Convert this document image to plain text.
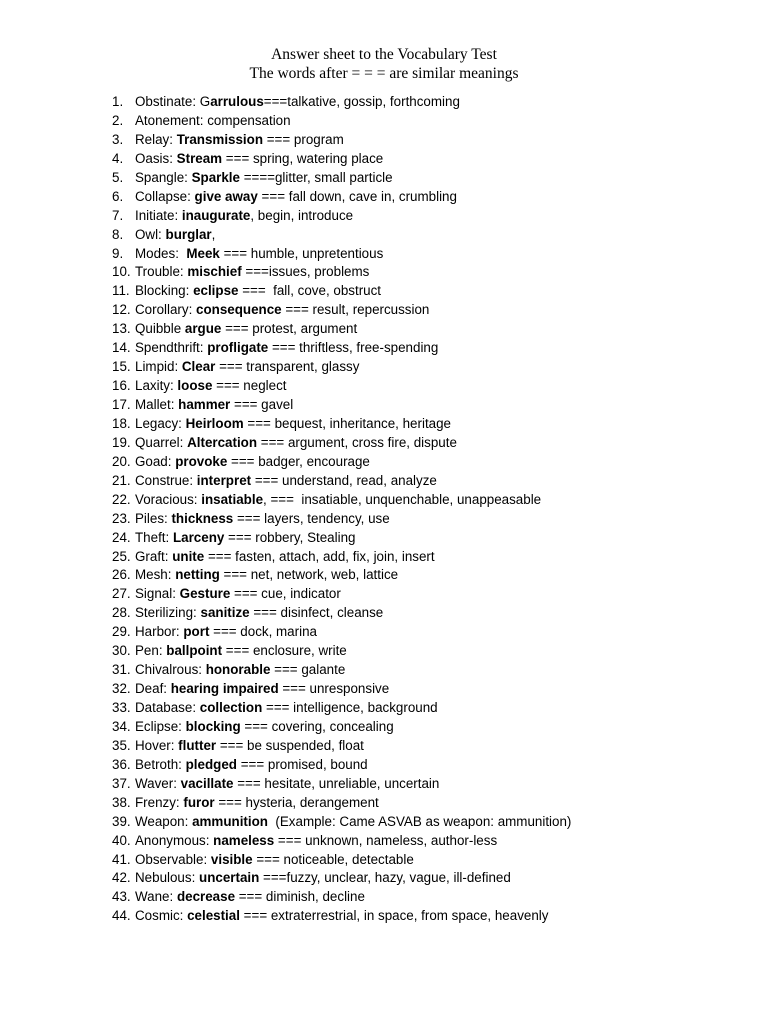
Answer sheet to the Vocabulary Test
The words after = = = are similar meanings
1. Obstinate: Garrulous===talkative, gossip, forthcoming
2. Atonement: compensation
3. Relay: Transmission === program
4. Oasis: Stream === spring, watering place
5. Spangle: Sparkle ====glitter, small particle
6. Collapse: give away === fall down, cave in, crumbling
7. Initiate: inaugurate, begin, introduce
8. Owl: burglar,
9. Modes:  Meek === humble, unpretentious
10. Trouble: mischief ===issues, problems
11. Blocking: eclipse ===  fall, cove, obstruct
12. Corollary: consequence === result, repercussion
13. Quibble argue === protest, argument
14. Spendthrift: profligate === thriftless, free-spending
15. Limpid: Clear === transparent, glassy
16. Laxity: loose === neglect
17. Mallet: hammer === gavel
18. Legacy: Heirloom === bequest, inheritance, heritage
19. Quarrel: Altercation === argument, cross fire, dispute
20. Goad: provoke === badger, encourage
21. Construe: interpret === understand, read, analyze
22. Voracious: insatiable, ===  insatiable, unquenchable, unappeasable
23. Piles: thickness === layers, tendency, use
24. Theft: Larceny === robbery, Stealing
25. Graft: unite === fasten, attach, add, fix, join, insert
26. Mesh: netting === net, network, web, lattice
27. Signal: Gesture === cue, indicator
28. Sterilizing: sanitize === disinfect, cleanse
29. Harbor: port === dock, marina
30. Pen: ballpoint === enclosure, write
31. Chivalrous: honorable === galante
32. Deaf: hearing impaired === unresponsive
33. Database: collection === intelligence, background
34. Eclipse: blocking === covering, concealing
35. Hover: flutter === be suspended, float
36. Betroth: pledged === promised, bound
37. Waver: vacillate === hesitate, unreliable, uncertain
38. Frenzy: furor === hysteria, derangement
39. Weapon: ammunition  (Example: Came ASVAB as weapon: ammunition)
40. Anonymous: nameless === unknown, nameless, author-less
41. Observable: visible === noticeable, detectable
42. Nebulous: uncertain ===fuzzy, unclear, hazy, vague, ill-defined
43. Wane: decrease === diminish, decline
44. Cosmic: celestial === extraterrestrial, in space, from space, heavenly
